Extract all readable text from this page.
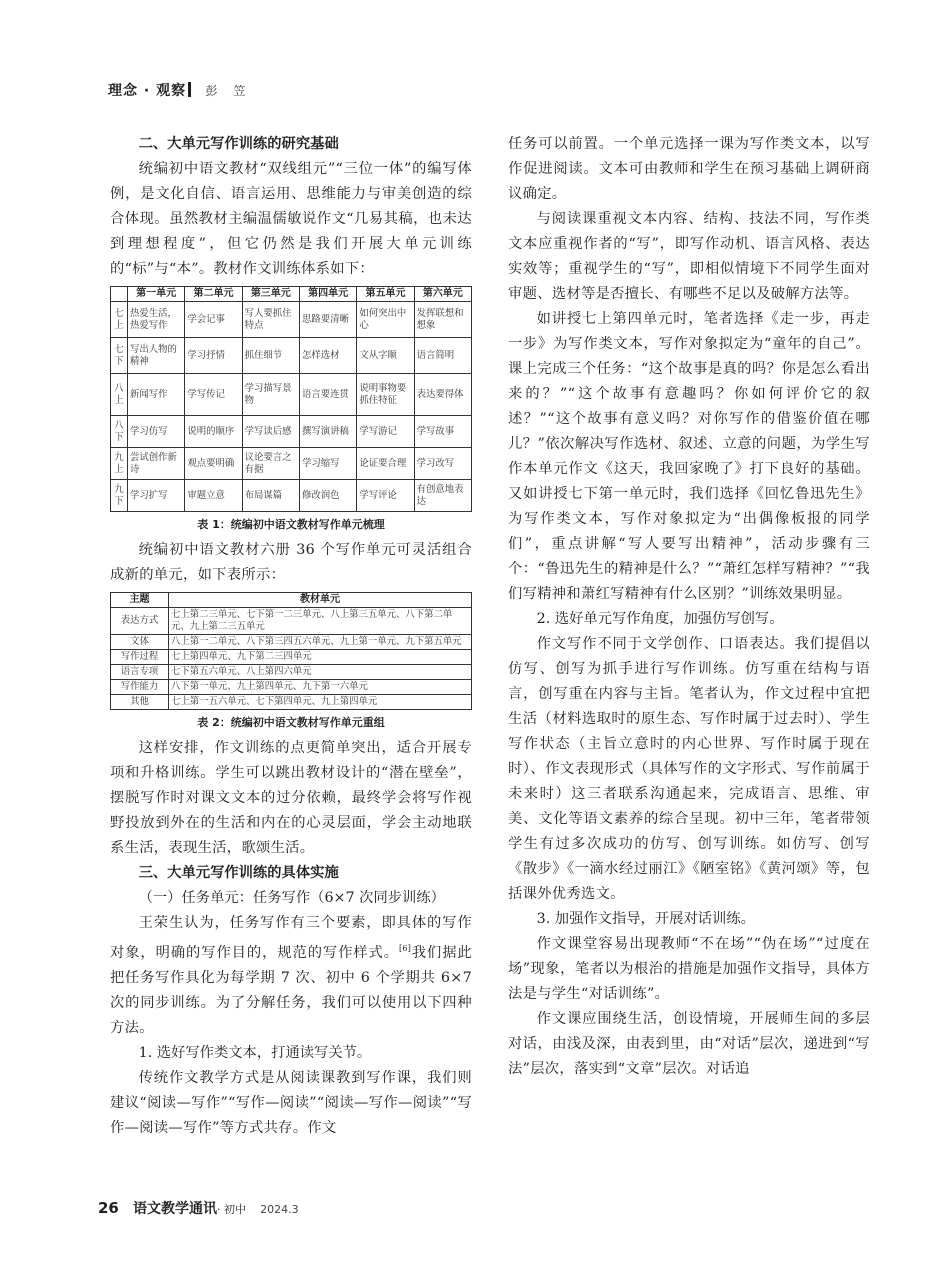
理念 · 观察 彭 笠
二、大单元写作训练的研究基础

统编初中语文教材“双线组元”“三位一体”的编写体例，是文化自信、语言运用、思维能力与审美创造的综合体现。虽然教材主编温儒敏说作文“几易其稿，也未达到理想程度”，但它仍然是我们开展大单元训练的“标”与“本”。教材作文训练体系如下：

	第一单元	第二单元	第三单元	第四单元	第五单元	第六单元
七上	热爱生活，热爱写作	学会记事	写人要抓住特点	思路要清晰	如何突出中心	发挥联想和想象
七下	写出人物的精神	学习抒情	抓住细节	怎样选材	文从字顺	语言简明
八上	新闻写作	学写传记	学习描写景物	语言要连贯	说明事物要抓住特征	表达要得体
八下	学习仿写	说明的顺序	学写读后感	撰写演讲稿	学写游记	学写故事
九上	尝试创作新诗	观点要明确	议论要言之有据	学习缩写	论证要合理	学习改写
九下	学习扩写	审题立意	布局谋篇	修改润色	学写评论	有创意地表达
表 1：统编初中语文教材写作单元梳理

统编初中语文教材六册 36 个写作单元可灵活组合成新的单元，如下表所示：

主题	教材单元
表达方式	七上第二三单元、七下第一二三单元、八上第三五单元、八下第二单元、九上第二三五单元
文体	八上第一二单元、八下第三四五六单元、九上第一单元、九下第五单元
写作过程	七上第四单元、九下第二三四单元
语言专项	七下第五六单元、八上第四六单元
写作能力	八下第一单元、九上第四单元、九下第一六单元
其他	七上第一五六单元、七下第四单元、九上第四单元
表 2：统编初中语文教材写作单元重组

这样安排，作文训练的点更简单突出，适合开展专项和升格训练。学生可以跳出教材设计的“潜在壁垒”，摆脱写作时对课文文本的过分依赖，最终学会将写作视野投放到外在的生活和内在的心灵层面，学会主动地联系生活，表现生活，歌颂生活。

三、大单元写作训练的具体实施
（一）任务单元：任务写作（6×7 次同步训练）

王荣生认为，任务写作有三个要素，即具体的写作对象，明确的写作目的，规范的写作样式。[6]我们据此把任务写作具化为每学期 7 次、初中 6 个学期共 6×7 次的同步训练。为了分解任务，我们可以使用以下四种方法。

1. 选好写作类文本，打通读写关节。

传统作文教学方式是从阅读课教到写作课，我们则建议“阅读—写作”“写作—阅读”“阅读—写作—阅读”“写作—阅读—写作”等方式共存。作文

任务可以前置。一个单元选择一课为写作类文本，以写作促进阅读。文本可由教师和学生在预习基础上调研商议确定。

与阅读课重视文本内容、结构、技法不同，写作类文本应重视作者的“写”，即写作动机、语言风格、表达实效等；重视学生的“写”，即相似情境下不同学生面对审题、选材等是否擅长、有哪些不足以及破解方法等。

如讲授七上第四单元时，笔者选择《走一步，再走一步》为写作类文本，写作对象拟定为“童年的自己”。课上完成三个任务：“这个故事是真的吗？你是怎么看出来的？”“这个故事有意趣吗？你如何评价它的叙述？”“这个故事有意义吗？对你写作的借鉴价值在哪儿？”依次解决写作选材、叙述、立意的问题，为学生写作本单元作文《这天，我回家晚了》打下良好的基础。又如讲授七下第一单元时，我们选择《回忆鲁迅先生》为写作类文本，写作对象拟定为“出偶像板报的同学们”，重点讲解“写人要写出精神”，活动步骤有三个：“鲁迅先生的精神是什么？”“萧红怎样写精神？”“我们写精神和萧红写精神有什么区别？”训练效果明显。

2. 选好单元写作角度，加强仿写创写。

作文写作不同于文学创作、口语表达。我们提倡以仿写、创写为抓手进行写作训练。仿写重在结构与语言，创写重在内容与主旨。笔者认为，作文过程中宜把生活（材料选取时的原生态、写作时属于过去时）、学生写作状态（主旨立意时的内心世界、写作时属于现在时）、作文表现形式（具体写作的文字形式、写作前属于未来时）这三者联系沟通起来，完成语言、思维、审美、文化等语文素养的综合呈现。初中三年，笔者带领学生有过多次成功的仿写、创写训练。如仿写、创写《散步》《一滴水经过丽江》《陋室铭》《黄河颂》等，包括课外优秀选文。

3. 加强作文指导，开展对话训练。

作文课堂容易出现教师“不在场”“伪在场”“过度在场”现象，笔者以为根治的措施是加强作文指导，具体方法是与学生“对话训练”。

作文课应围绕生活，创设情境，开展师生间的多层对话，由浅及深，由表到里，由“对话”层次，递进到“写法”层次，落实到“文章”层次。对话追

26 语文教学通讯· 初中 2024.3
